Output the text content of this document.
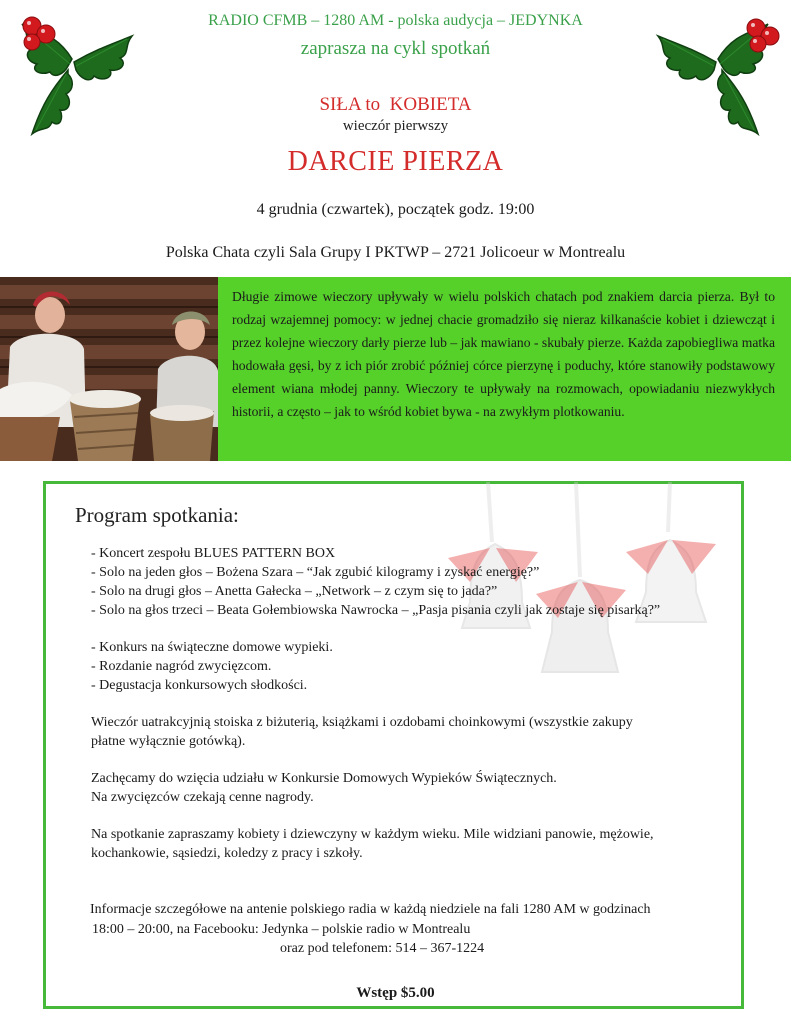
RADIO CFMB – 1280 AM - polska audycja – JEDYNKA
zaprasza na cykl spotkań
SIŁA to  KOBIETA
wieczór pierwszy
DARCIE PIERZA
4 grudnia (czwartek), początek godz. 19:00
Polska Chata czyli Sala Grupy I PKTWP – 2721 Jolicoeur w Montrealu

Długie zimowe wieczory upływały w wielu polskich chatach pod znakiem darcia pierza. Był to rodzaj wzajemnej pomocy: w jednej chacie gromadziło się nieraz kilkanaście kobiet i dziewcząt i przez kolejne wieczory darły pierze lub – jak mawiano - skubały pierze. Każda zapobiegliwa matka hodowała gęsi, by z ich piór zrobić później córce pierzynę i poduchy, które stanowiły podstawowy element wiana młodej panny. Wieczory te upływały na rozmowach, opowiadaniu niezwykłych historii, a często – jak to wśród kobiet bywa - na zwykłym plotkowaniu.

Program spotkania:
- Koncert zespołu BLUES PATTERN BOX
- Solo na jeden głos – Bożena Szara – “Jak zgubić kilogramy i zyskać energię?”
- Solo na drugi głos – Anetta Gałecka – „Network – z czym się to jada?”
- Solo na głos trzeci – Beata Gołembiowska Nawrocka – „Pasja pisania czyli jak zostaje się pisarką?”
- Konkurs na świąteczne domowe wypieki.
- Rozdanie nagród zwycięzcom.
- Degustacja konkursowych słodkości.
Wieczór uatrakcyjnią stoiska z biżuterią, książkami i ozdobami choinkowymi (wszystkie zakupy
płatne wyłącznie gotówką).
Zachęcamy do wzięcia udziału w Konkursie Domowych Wypieków Świątecznych.
Na zwycięzców czekają cenne nagrody.
Na spotkanie zapraszamy kobiety i dziewczyny w każdym wieku. Mile widziani panowie, mężowie,
kochankowie, sąsiedzi, koledzy z pracy i szkoły.
Informacje szczegółowe na antenie polskiego radia w każdą niedziele na fali 1280 AM w godzinach
18:00 – 20:00, na Facebooku: Jedynka – polskie radio w Montrealu
oraz pod telefonem: 514 – 367-1224
Wstęp $5.00
